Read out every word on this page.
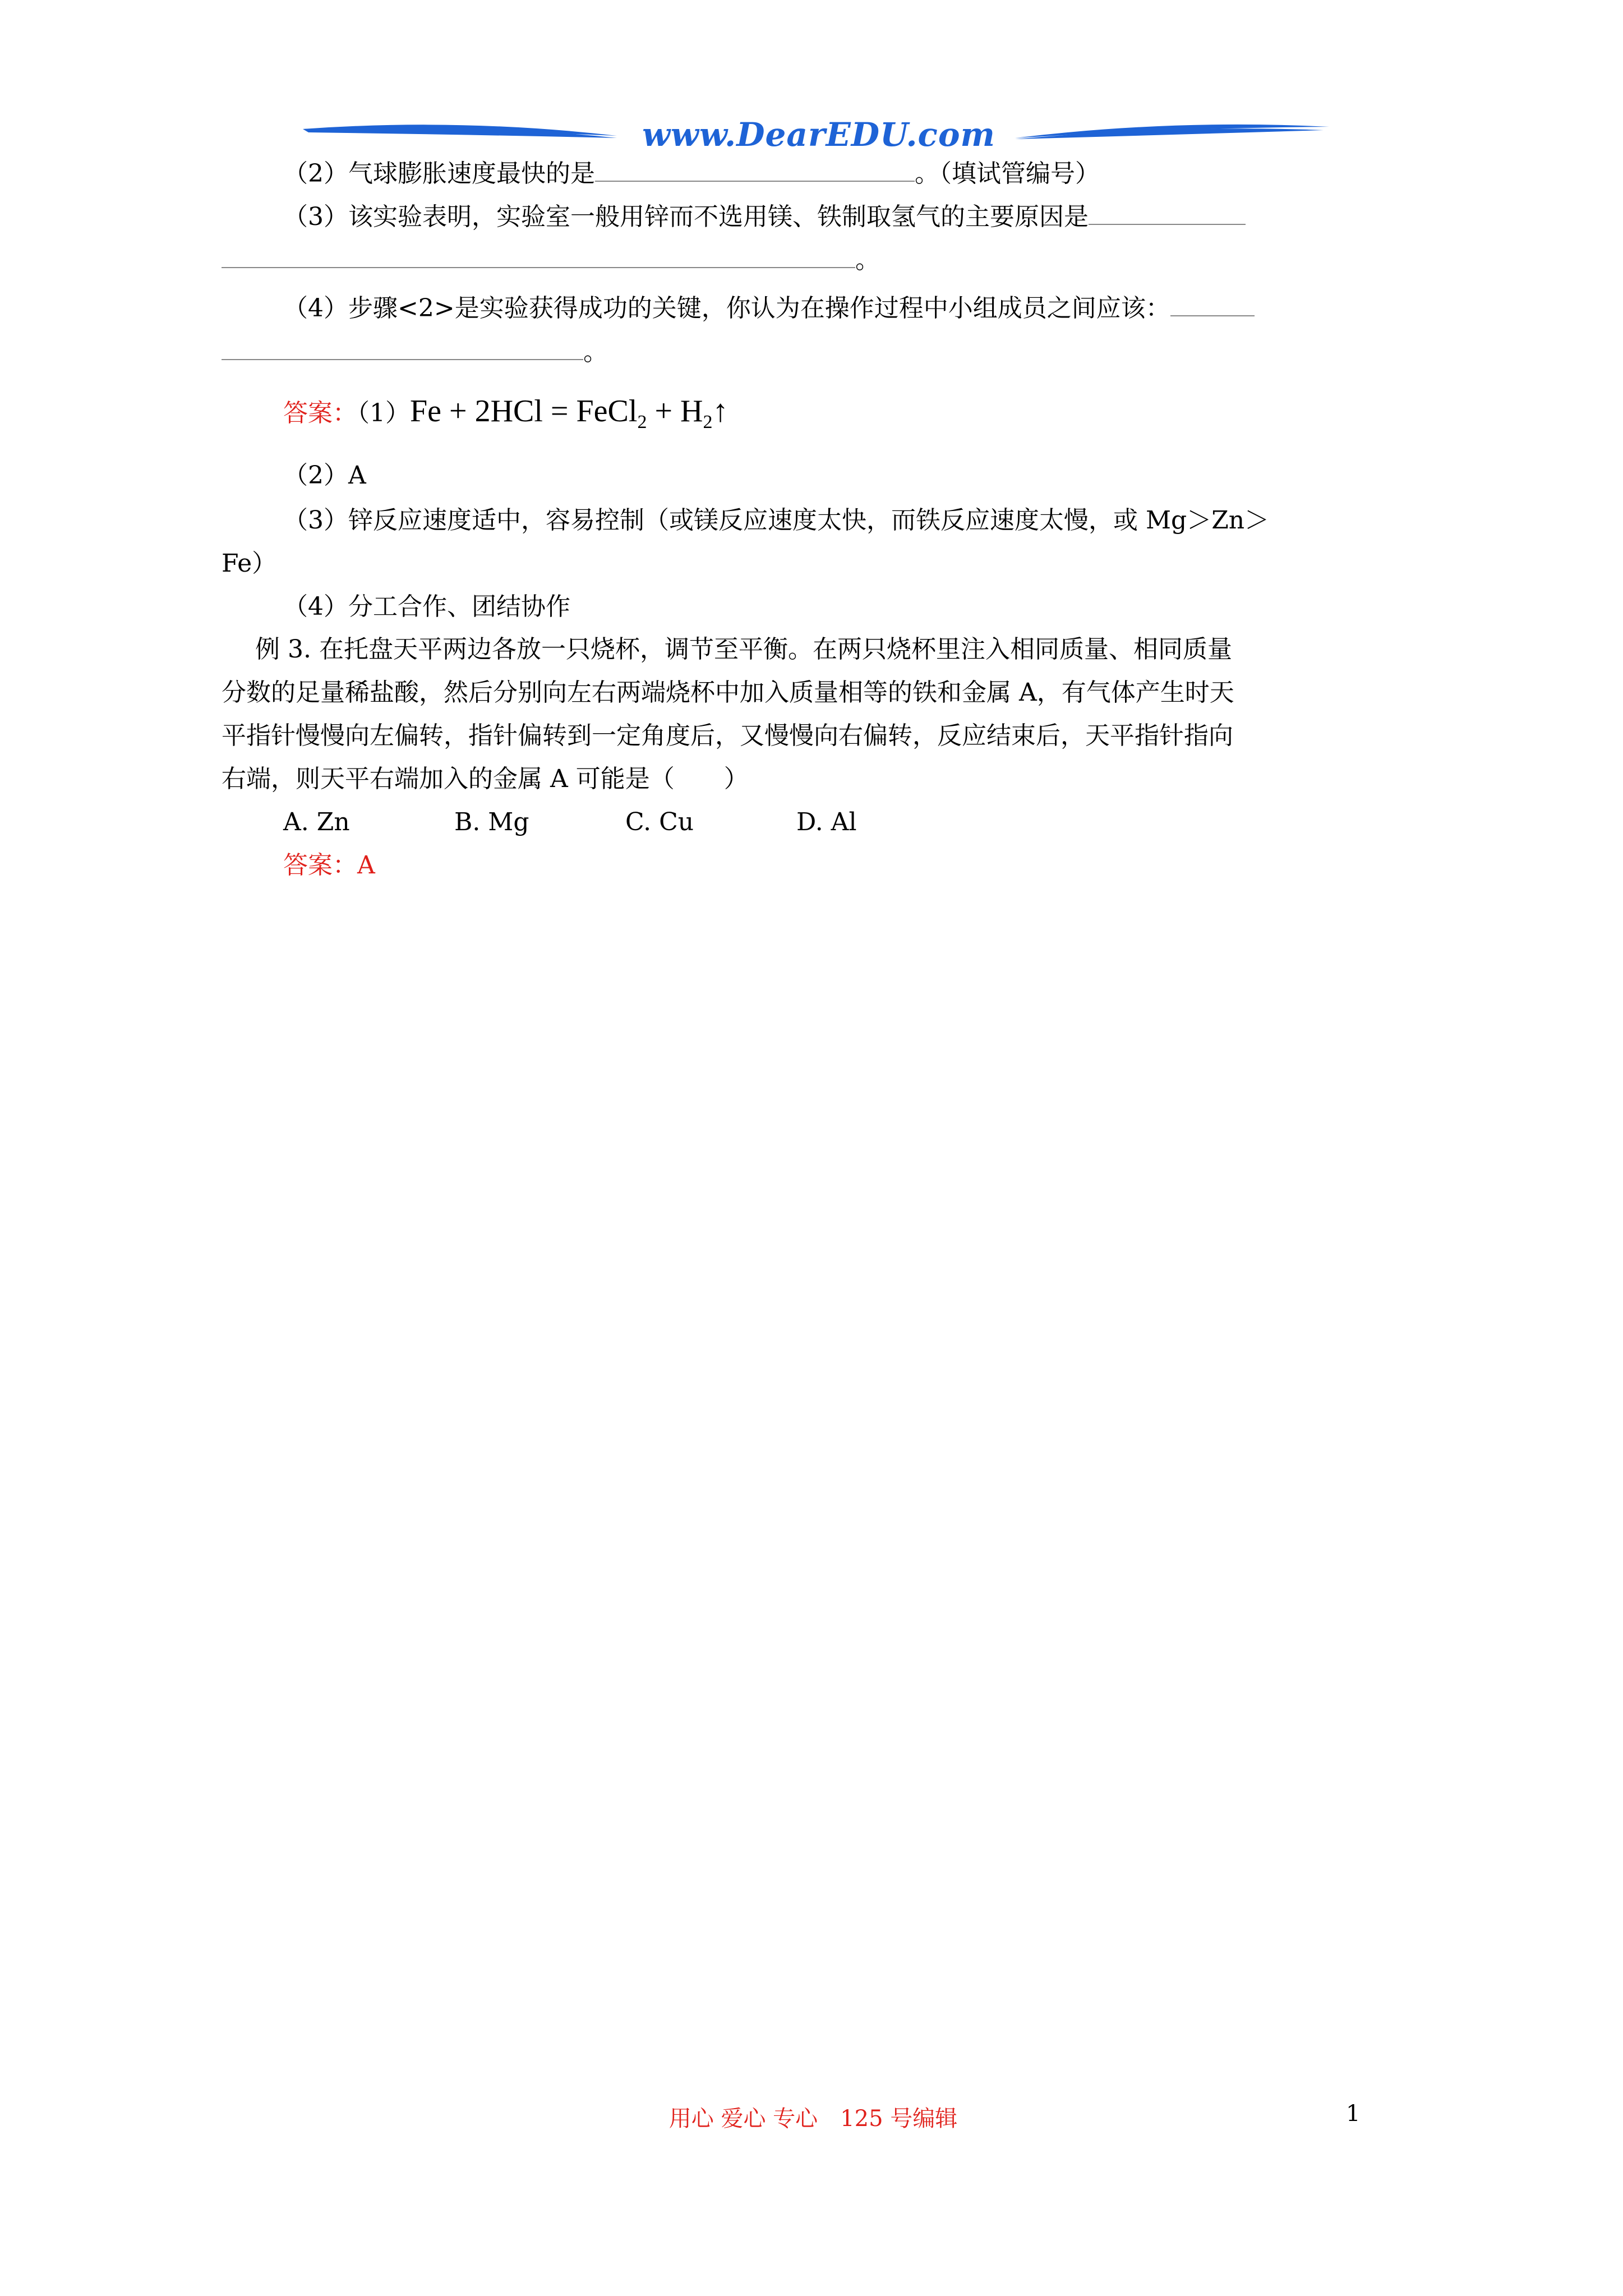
www.DearEDU.com
（2）气球膨胀速度最快的是	。（填试管编号）
（3）该实验表明，实验室一般用锌而不选用镁、铁制取氢气的主要原因是
。
（4）步骤<2>是实验获得成功的关键，你认为在操作过程中小组成员之间应该：
。
答案：（1）Fe + 2HCl = FeCl$_2$ + $H_2↑$
（2）A
（3）锌反应速度适中，容易控制（或镁反应速度太快，而铁反应速度太慢，或 Mg＞Zn＞
Fe）
（4）分工合作、团结协作
例 3. 在托盘天平两边各放一只烧杯，调节至平衡。在两只烧杯里注入相同质量、相同质量
分数的足量稀盐酸，然后分别向左右两端烧杯中加入质量相等的铁和金属 A，有气体产生时天
平指针慢慢向左偏转，指针偏转到一定角度后，又慢慢向右偏转，反应结束后，天平指针指向
右端，则天平右端加入的金属 A 可能是（　　）
A. Zn	B. Mg	C. Cu	D. Al
答案：A
用心 爱心 专心　125 号编辑	1
